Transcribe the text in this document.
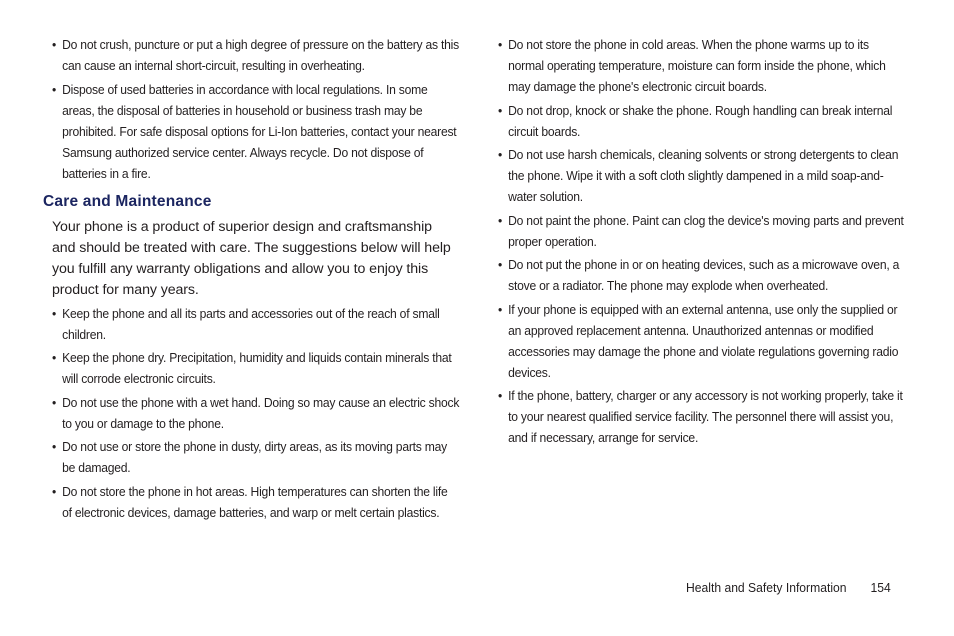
• Do not crush, puncture or put a high degree of pressure on the battery as this can cause an internal short-circuit, resulting in overheating.
• Dispose of used batteries in accordance with local regulations. In some areas, the disposal of batteries in household or business trash may be prohibited. For safe disposal options for Li-Ion batteries, contact your nearest Samsung authorized service center. Always recycle. Do not dispose of batteries in a fire.
Care and Maintenance

Your phone is a product of superior design and craftsmanship and should be treated with care. The suggestions below will help you fulfill any warranty obligations and allow you to enjoy this product for many years.

• Keep the phone and all its parts and accessories out of the reach of small children.
• Keep the phone dry. Precipitation, humidity and liquids contain minerals that will corrode electronic circuits.
• Do not use the phone with a wet hand. Doing so may cause an electric shock to you or damage to the phone.
• Do not use or store the phone in dusty, dirty areas, as its moving parts may be damaged.
• Do not store the phone in hot areas. High temperatures can shorten the life of electronic devices, damage batteries, and warp or melt certain plastics.
• Do not store the phone in cold areas. When the phone warms up to its normal operating temperature, moisture can form inside the phone, which may damage the phone's electronic circuit boards.
• Do not drop, knock or shake the phone. Rough handling can break internal circuit boards.
• Do not use harsh chemicals, cleaning solvents or strong detergents to clean the phone. Wipe it with a soft cloth slightly dampened in a mild soap-and-water solution.
• Do not paint the phone. Paint can clog the device's moving parts and prevent proper operation.
• Do not put the phone in or on heating devices, such as a microwave oven, a stove or a radiator. The phone may explode when overheated.
• If your phone is equipped with an external antenna, use only the supplied or an approved replacement antenna. Unauthorized antennas or modified accessories may damage the phone and violate regulations governing radio devices.
• If the phone, battery, charger or any accessory is not working properly, take it to your nearest qualified service facility. The personnel there will assist you, and if necessary, arrange for service.
Health and Safety Information 154
